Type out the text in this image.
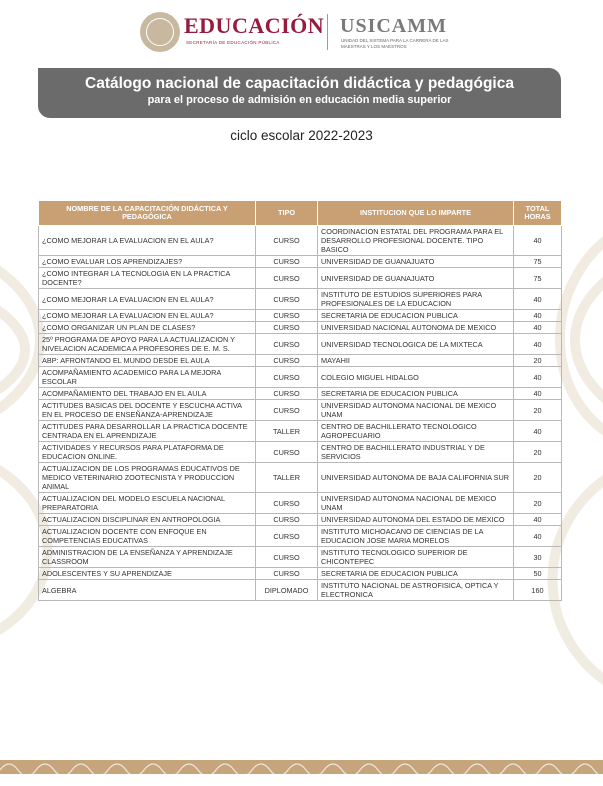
EDUCACIÓN
SECRETARÍA DE EDUCACIÓN PÚBLICA
USICAMM
UNIDAD DEL SISTEMA PARA LA CARRERA DE LAS MAESTRAS Y LOS MAESTROS
Catálogo nacional de capacitación didáctica y pedagógica
para el proceso de admisión en educación media superior
ciclo escolar 2022-2023
NOMBRE DE LA CAPACITACIÓN DIDÁCTICA Y PEDAGÓGICA	TIPO	INSTITUCION QUE LO IMPARTE	TOTAL HORAS
¿COMO MEJORAR LA EVALUACION EN EL AULA?	CURSO	COORDINACION ESTATAL DEL PROGRAMA PARA EL DESARROLLO PROFESIONAL DOCENTE. TIPO BASICO	40
¿COMO EVALUAR LOS APRENDIZAJES?	CURSO	UNIVERSIDAD DE GUANAJUATO	75
¿COMO INTEGRAR LA TECNOLOGIA EN LA PRACTICA DOCENTE?	CURSO	UNIVERSIDAD DE GUANAJUATO	75
¿COMO MEJORAR LA EVALUACION EN EL AULA?	CURSO	INSTITUTO DE ESTUDIOS SUPERIORES PARA PROFESIONALES DE LA EDUCACION	40
¿COMO MEJORAR LA EVALUACION EN EL AULA?	CURSO	SECRETARIA DE EDUCACION PUBLICA	40
¿COMO ORGANIZAR UN PLAN DE CLASES?	CURSO	UNIVERSIDAD NACIONAL AUTONOMA DE MEXICO	40
25º PROGRAMA DE APOYO PARA LA ACTUALIZACION Y NIVELACION ACADEMICA A PROFESORES DE E. M. S.	CURSO	UNIVERSIDAD TECNOLOGICA DE LA MIXTECA	40
ABP: AFRONTANDO EL MUNDO DESDE EL AULA	CURSO	MAYAHII	20
ACOMPAÑAMIENTO ACADEMICO PARA LA MEJORA ESCOLAR	CURSO	COLEGIO MIGUEL HIDALGO	40
ACOMPAÑAMIENTO DEL TRABAJO EN EL AULA	CURSO	SECRETARIA DE EDUCACION PUBLICA	40
ACTITUDES BASICAS DEL DOCENTE Y ESCUCHA ACTIVA EN EL PROCESO DE ENSEÑANZA-APRENDIZAJE	CURSO	UNIVERSIDAD AUTONOMA NACIONAL DE MEXICO UNAM	20
ACTITUDES PARA DESARROLLAR LA PRACTICA DOCENTE CENTRADA EN EL APRENDIZAJE	TALLER	CENTRO DE BACHILLERATO TECNOLOGICO AGROPECUARIO	40
ACTIVIDADES Y RECURSOS PARA PLATAFORMA DE EDUCACION ONLINE.	CURSO	CENTRO DE BACHILLERATO INDUSTRIAL Y DE SERVICIOS	20
ACTUALIZACION DE LOS PROGRAMAS EDUCATIVOS DE MEDICO VETERINARIO ZOOTECNISTA Y PRODUCCION ANIMAL	TALLER	UNIVERSIDAD AUTONOMA DE BAJA CALIFORNIA SUR	20
ACTUALIZACION DEL MODELO ESCUELA NACIONAL PREPARATORIA	CURSO	UNIVERSIDAD AUTONOMA NACIONAL DE MEXICO UNAM	20
ACTUALIZACION DISCIPLINAR EN ANTROPOLOGIA	CURSO	UNIVERSIDAD AUTONOMA DEL ESTADO DE MEXICO	40
ACTUALIZACION DOCENTE CON ENFOQUE EN COMPETENCIAS EDUCATIVAS	CURSO	INSTITUTO MICHOACANO DE CIENCIAS DE LA EDUCACION JOSE MARIA MORELOS	40
ADMINISTRACION DE LA ENSEÑANZA Y APRENDIZAJE CLASSROOM	CURSO	INSTITUTO TECNOLOGICO SUPERIOR DE CHICONTEPEC	30
ADOLESCENTES Y SU APRENDIZAJE	CURSO	SECRETARIA DE EDUCACION PUBLICA	50
ALGEBRA	DIPLOMADO	INSTITUTO NACIONAL DE ASTROFISICA, OPTICA Y ELECTRONICA	160
